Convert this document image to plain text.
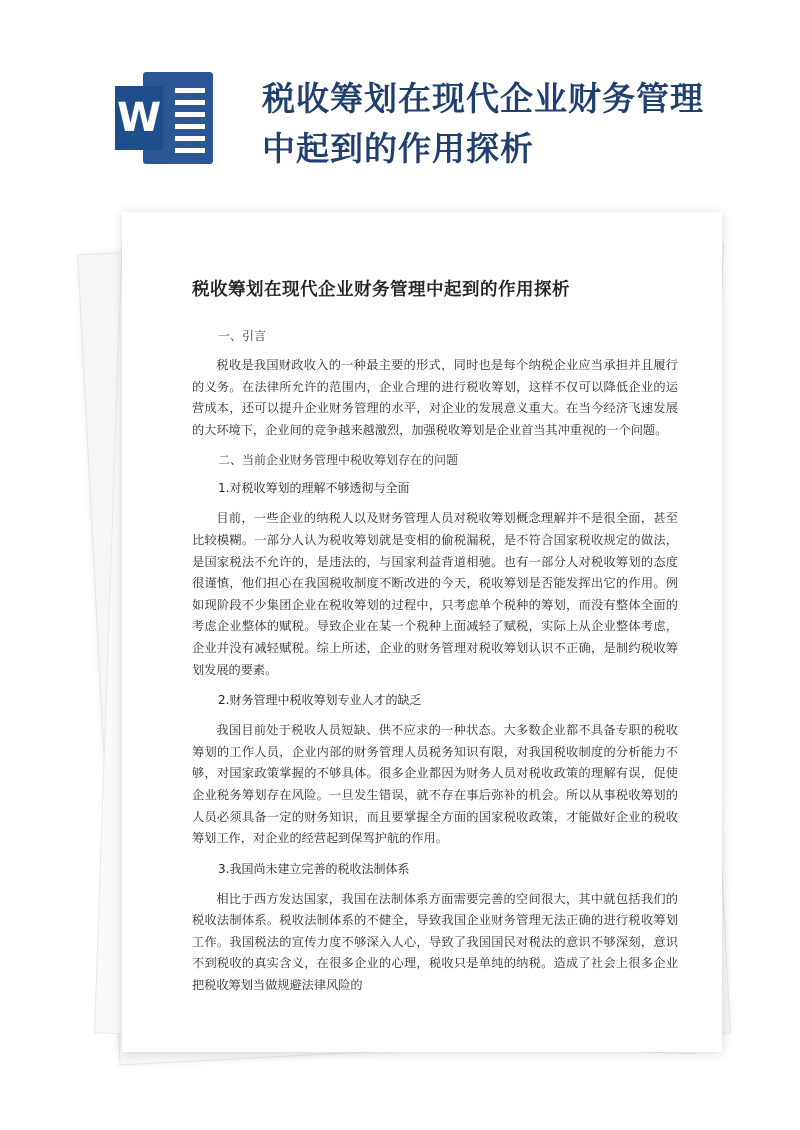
W	税收筹划在现代企业财务管理
中起到的作用探析
税收筹划在现代企业财务管理中起到的作用探析
一、引言

税收是我国财政收入的一种最主要的形式，同时也是每个纳税企业应当承担并且履行的义务。在法律所允许的范围内，企业合理的进行税收筹划，这样不仅可以降低企业的运营成本，还可以提升企业财务管理的水平，对企业的发展意义重大。在当今经济飞速发展的大环境下，企业间的竞争越来越激烈，加强税收筹划是企业首当其冲重视的一个问题。

二、当前企业财务管理中税收筹划存在的问题
1.对税收筹划的理解不够透彻与全面

目前，一些企业的纳税人以及财务管理人员对税收筹划概念理解并不是很全面，甚至比较模糊。一部分人认为税收筹划就是变相的偷税漏税，是不符合国家税收规定的做法，是国家税法不允许的，是违法的，与国家利益背道相驰。也有一部分人对税收筹划的态度很谨慎，他们担心在我国税收制度不断改进的今天，税收筹划是否能发挥出它的作用。例如现阶段不少集团企业在税收筹划的过程中，只考虑单个税种的筹划，而没有整体全面的考虑企业整体的赋税。导致企业在某一个税种上面减轻了赋税，实际上从企业整体考虑，企业并没有减轻赋税。综上所述，企业的财务管理对税收筹划认识不正确，是制约税收筹划发展的要素。

2.财务管理中税收筹划专业人才的缺乏

我国目前处于税收人员短缺、供不应求的一种状态。大多数企业都不具备专职的税收筹划的工作人员，企业内部的财务管理人员税务知识有限，对我国税收制度的分析能力不够，对国家政策掌握的不够具体。很多企业都因为财务人员对税收政策的理解有误，促使企业税务筹划存在风险。一旦发生错误，就不存在事后弥补的机会。所以从事税收筹划的人员必须具备一定的财务知识，而且要掌握全方面的国家税收政策，才能做好企业的税收筹划工作，对企业的经营起到保驾护航的作用。

3.我国尚未建立完善的税收法制体系

相比于西方发达国家，我国在法制体系方面需要完善的空间很大，其中就包括我们的税收法制体系。税收法制体系的不健全，导致我国企业财务管理无法正确的进行税收筹划工作。我国税法的宣传力度不够深入人心，导致了我国国民对税法的意识不够深刻，意识不到税收的真实含义，在很多企业的心理，税收只是单纯的纳税。造成了社会上很多企业把税收筹划当做规避法律风险的
